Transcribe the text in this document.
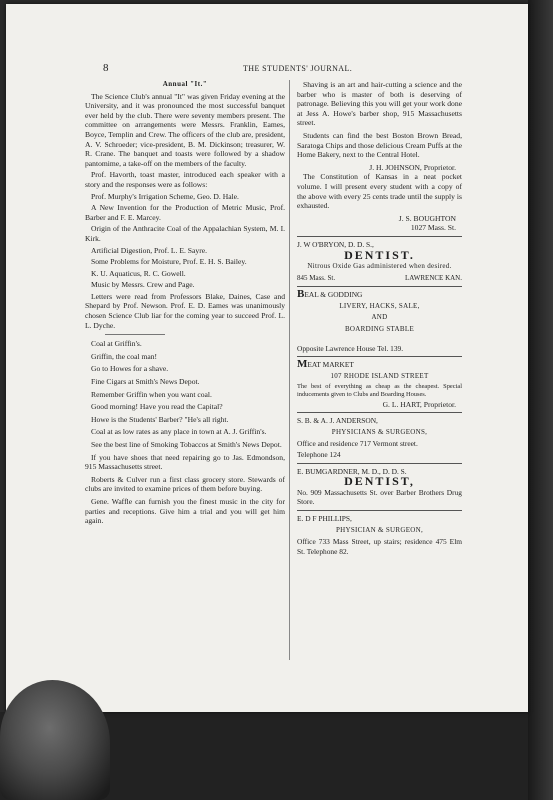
8	THE STUDENTS' JOURNAL.
Annual "It."

The Science Club's annual "It" was given Friday evening at the University, and it was pronounced the most successful banquet ever held by the club. There were seventy members present. The committee on arrangements were Messrs. Franklin, Eames, Boyce, Templin and Crew. The officers of the club are, president, A. V. Schroeder; vice-president, B. M. Dickinson; treasurer, W. R. Crane. The banquet and toasts were followed by a shadow pantomime, a take-off on the members of the faculty.

Prof. Havorth, toast master, introduced each speaker with a story and the responses were as follows:

Prof. Murphy's Irrigation Scheme, Geo. D. Hale.

A New Invention for the Production of Metric Music, Prof. Barber and F. E. Marcey.

Origin of the Anthracite Coal of the Appalachian System, M. I. Kirk.

Artificial Digestion, Prof. L. E. Sayre.

Some Problems for Moisture, Prof. E. H. S. Bailey.

K. U. Aquaticus, R. C. Gowell.

Music by Messrs. Crew and Page.

Letters were read from Professors Blake, Daines, Case and Shepard by Prof. Newson. Prof. E. D. Eames was unanimously chosen Science Club liar for the coming year to succeed Prof. L. L. Dyche.

Coal at Griffin's.

Griffin, the coal man!

Go to Howes for a shave.

Fine Cigars at Smith's News Depot.

Remember Griffin when you want coal.

Good morning! Have you read the Capital?

Howe is the Students' Barber? "He's all right.

Coal at as low rates as any place in town at A. J. Griffin's.

See the best line of Smoking Tobaccos at Smith's News Depot.

If you have shoes that need repairing go to Jas. Edmondson, 915 Massachusetts street.

Roberts & Culver run a first class grocery store. Stewards of clubs are invited to examine prices of them before buying.

Gene. Waffle can furnish you the finest music in the city for parties and receptions. Give him a trial and you will get him again.

Shaving is an art and hair-cutting a science and the barber who is master of both is deserving of patronage. Believing this you will get your work done at Jess A. Howe's barber shop, 915 Massachusetts street.

Students can find the best Boston Brown Bread, Saratoga Chips and those delicious Cream Puffs at the Home Bakery, next to the Central Hotel.

J. H. JOHNSON, Proprietor.

The Constitution of Kansas in a neat pocket volume. I will present every student with a copy of the above with every 25 cents trade until the supply is exhausted.

J. S. BOUGHTON

1027 Mass. St.

J. W O'BRYON, D. D. S.,
DENTIST.
Nitrous Oxide Gas administered when desired.
845 Mass. St.	LAWRENCE KAN.
BEAL & GODDING
LIVERY, HACKS, SALE,
AND
BOARDING STABLE
Opposite Lawrence House Tel. 139.
MEAT MARKET
107 RHODE ISLAND STREET
The best of everything as cheap as the cheapest. Special inducements given to Clubs and Boarding Houses.
G. L. HART, Proprietor.
S. B. & A. J. ANDERSON,
PHYSICIANS & SURGEONS,
Office and residence 717 Vermont street.
Telephone 124
E. BUMGARDNER, M. D., D. D. S.
DENTIST,
No. 909 Massachusetts St. over Barber Brothers Drug Store.
E. D F PHILLIPS,
PHYSICIAN & SURGEON,
Office 733 Mass Street, up stairs; residence 475 Elm St. Telephone 82.
